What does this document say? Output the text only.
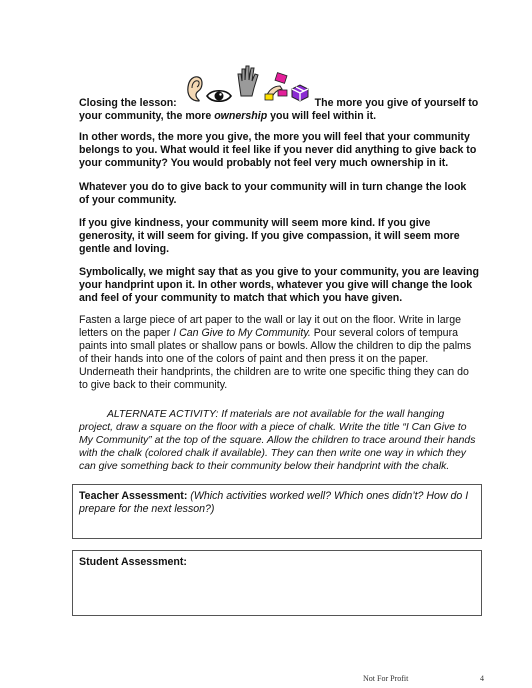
Closing the lesson:	The more you give of yourself to
your community, the more ownership you will feel within it.

In other words, the more you give, the more you will feel that your community belongs to you. What would it feel like if you never did anything to give back to your community? You would probably not feel very much ownership in it.

Whatever you do to give back to your community will in turn change the look of your community.

If you give kindness, your community will seem more kind. If you give generosity, it will seem for giving. If you give compassion, it will seem more gentle and loving.

Symbolically, we might say that as you give to your community, you are leaving your handprint upon it. In other words, whatever you give will change the look and feel of your community to match that which you have given.

Fasten a large piece of art paper to the wall or lay it out on the floor. Write in large letters on the paper I Can Give to My Community. Pour several colors of tempura paints into small plates or shallow pans or bowls. Allow the children to dip the palms of their hands into one of the colors of paint and then press it on the paper. Underneath their handprints, the children are to write one specific thing they can do to give back to their community.

ALTERNATE ACTIVITY: If materials are not available for the wall hanging project, draw a square on the floor with a piece of chalk. Write the title “I Can Give to My Community” at the top of the square. Allow the children to trace around their hands with the chalk (colored chalk if available). They can then write one way in which they can give something back to their community below their handprint with the chalk.

Teacher Assessment: (Which activities worked well? Which ones didn’t? How do I prepare for the next lesson?)

Student Assessment:

Not For Profit	4
